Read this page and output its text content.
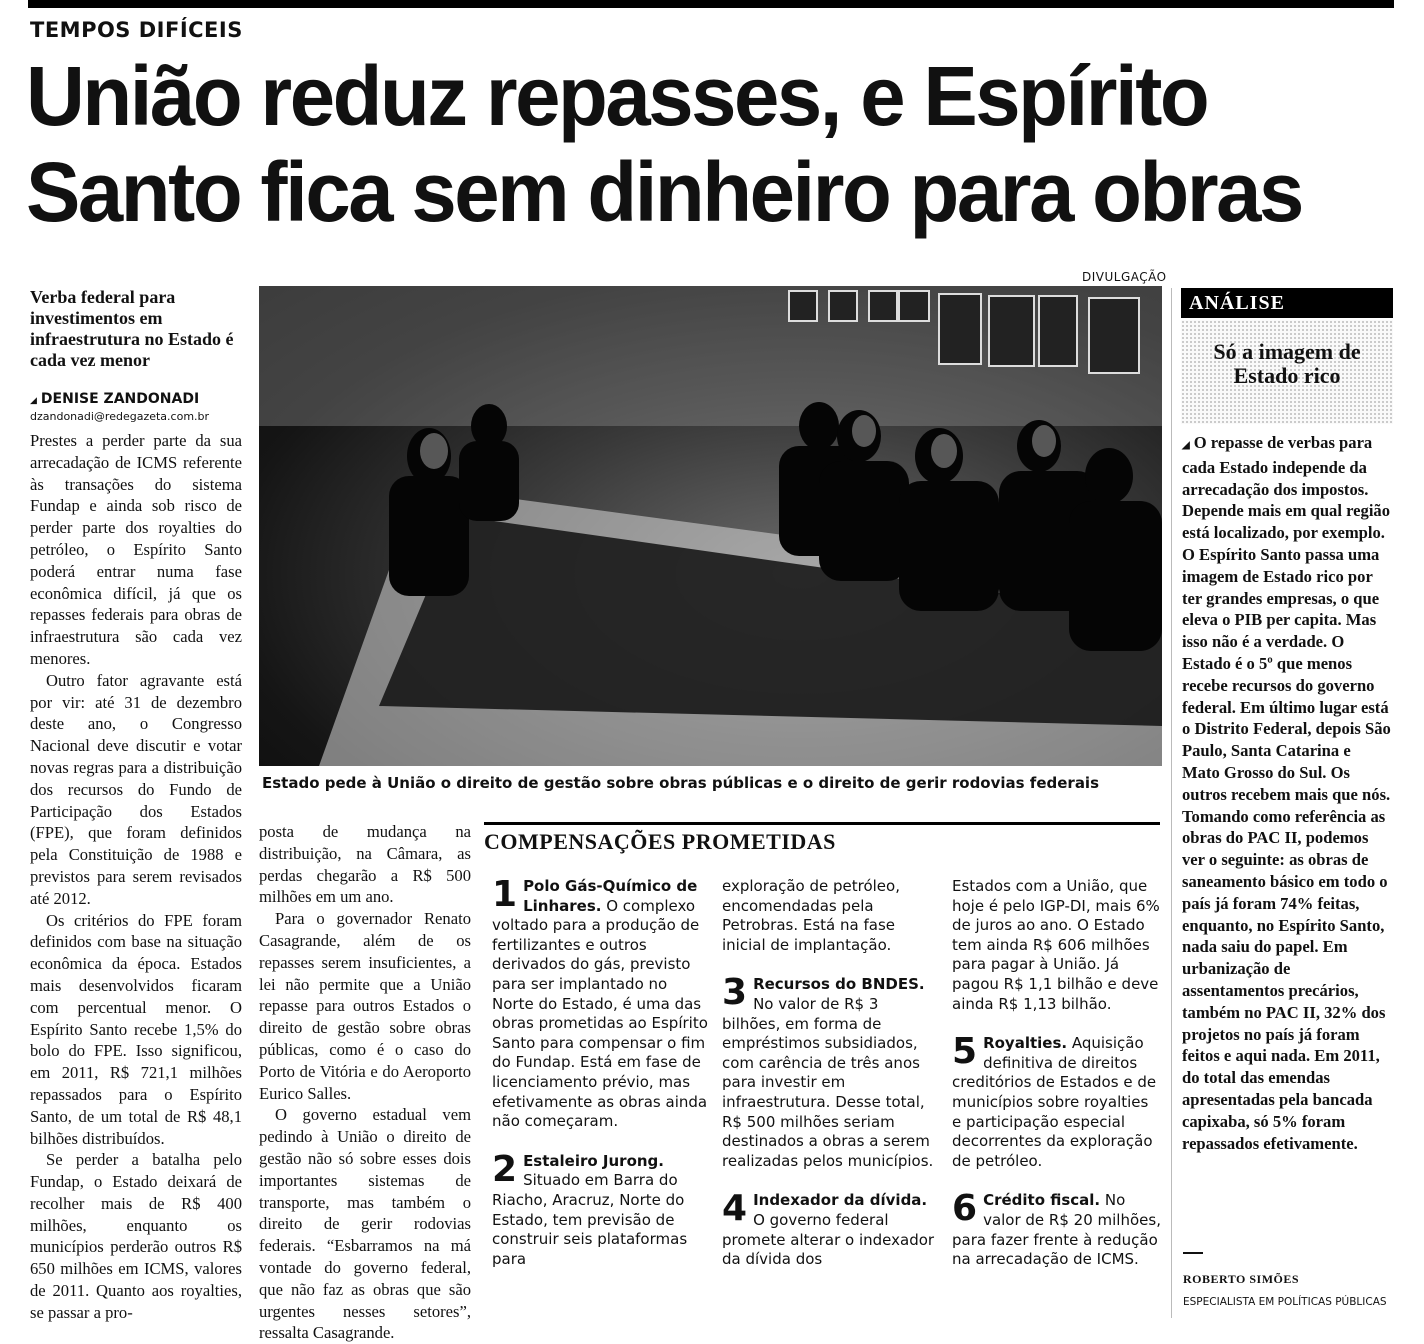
TEMPOS DIFÍCEIS
União reduz repasses, e Espírito
Santo fica sem dinheiro para obras
DIVULGAÇÃO
Estado pede à União o direito de gestão sobre obras públicas e o direito de gerir rodovias federais
Verba federal para investimentos em infraestrutura no Estado é cada vez menor
◢ DENISE ZANDONADI
dzandonadi@redegazeta.com.br

Prestes a perder parte da sua arrecadação de ICMS referente às transações do sistema Fundap e ainda sob risco de perder parte dos royalties do petróleo, o Espírito Santo poderá entrar numa fase econômica difícil, já que os repasses federais para obras de infraestrutura são cada vez menores.

Outro fator agravante está por vir: até 31 de dezembro deste ano, o Congresso Nacional deve discutir e votar novas regras para a distribuição dos recursos do Fundo de Participação dos Estados (FPE), que foram definidos pela Constituição de 1988 e previstos para serem revisados até 2012.

Os critérios do FPE foram definidos com base na situação econômica da época. Estados mais desenvolvidos ficaram com percentual menor. O Espírito Santo recebe 1,5% do bolo do FPE. Isso significou, em 2011, R$ 721,1 milhões repassados para o Espírito Santo, de um total de R$ 48,1 bilhões distribuídos.

Se perder a batalha pelo Fundap, o Estado deixará de recolher mais de R$ 400 milhões, enquanto os municípios perderão outros R$ 650 milhões em ICMS, valores de 2011. Quanto aos royalties, se passar a pro-

posta de mudança na distribuição, na Câmara, as perdas chegarão a R$ 500 milhões em um ano.

Para o governador Renato Casagrande, além de os repasses serem insuficientes, a lei não permite que a União repasse para outros Estados o direito de gestão sobre obras públicas, como é o caso do Porto de Vitória e do Aeroporto Eurico Salles.

O governo estadual vem pedindo à União o direito de gestão não só sobre esses dois importantes sistemas de transporte, mas também o direito de gerir rodovias federais. “Esbarramos na má vontade do governo federal, que não faz as obras que são urgentes nesses setores”, ressalta Casagrande.

COMPENSAÇÕES PROMETIDAS
1 Polo Gás-Químico de Linhares. O complexo voltado para a produção de fertilizantes e outros derivados do gás, previsto para ser implantado no Norte do Estado, é uma das obras prometidas ao Espírito Santo para compensar o fim do Fundap. Está em fase de licenciamento prévio, mas efetivamente as obras ainda não começaram.
2 Estaleiro Jurong. Situado em Barra do Riacho, Aracruz, Norte do Estado, tem previsão de construir seis plataformas para
exploração de petróleo, encomendadas pela Petrobras. Está na fase inicial de implantação.
3 Recursos do BNDES. No valor de R$ 3 bilhões, em forma de empréstimos subsidiados, com carência de três anos para investir em infraestrutura. Desse total, R$ 500 milhões seriam destinados a obras a serem realizadas pelos municípios.
4 Indexador da dívida. O governo federal promete alterar o indexador da dívida dos
Estados com a União, que hoje é pelo IGP-DI, mais 6% de juros ao ano. O Estado tem ainda R$ 606 milhões para pagar à União. Já pagou R$ 1,1 bilhão e deve ainda R$ 1,13 bilhão.
5 Royalties. Aquisição definitiva de direitos creditórios de Estados e de municípios sobre royalties e participação especial decorrentes da exploração de petróleo.
6 Crédito fiscal. No valor de R$ 20 milhões, para fazer frente à redução na arrecadação de ICMS.
ANÁLISE
Só a imagem de Estado rico
◢ O repasse de verbas para cada Estado independe da arrecadação dos impostos. Depende mais em qual região está localizado, por exemplo. O Espírito Santo passa uma imagem de Estado rico por ter grandes empresas, o que eleva o PIB per capita. Mas isso não é a verdade. O Estado é o 5º que menos recebe recursos do governo federal. Em último lugar está o Distrito Federal, depois São Paulo, Santa Catarina e Mato Grosso do Sul. Os outros recebem mais que nós. Tomando como referência as obras do PAC II, podemos ver o seguinte: as obras de saneamento básico em todo o país já foram 74% feitas, enquanto, no Espírito Santo, nada saiu do papel. Em urbanização de assentamentos precários, também no PAC II, 32% dos projetos no país já foram feitos e aqui nada. Em 2011, do total das emendas apresentadas pela bancada capixaba, só 5% foram repassados efetivamente.
ROBERTO SIMÕES
ESPECIALISTA EM POLÍTICAS PÚBLICAS
